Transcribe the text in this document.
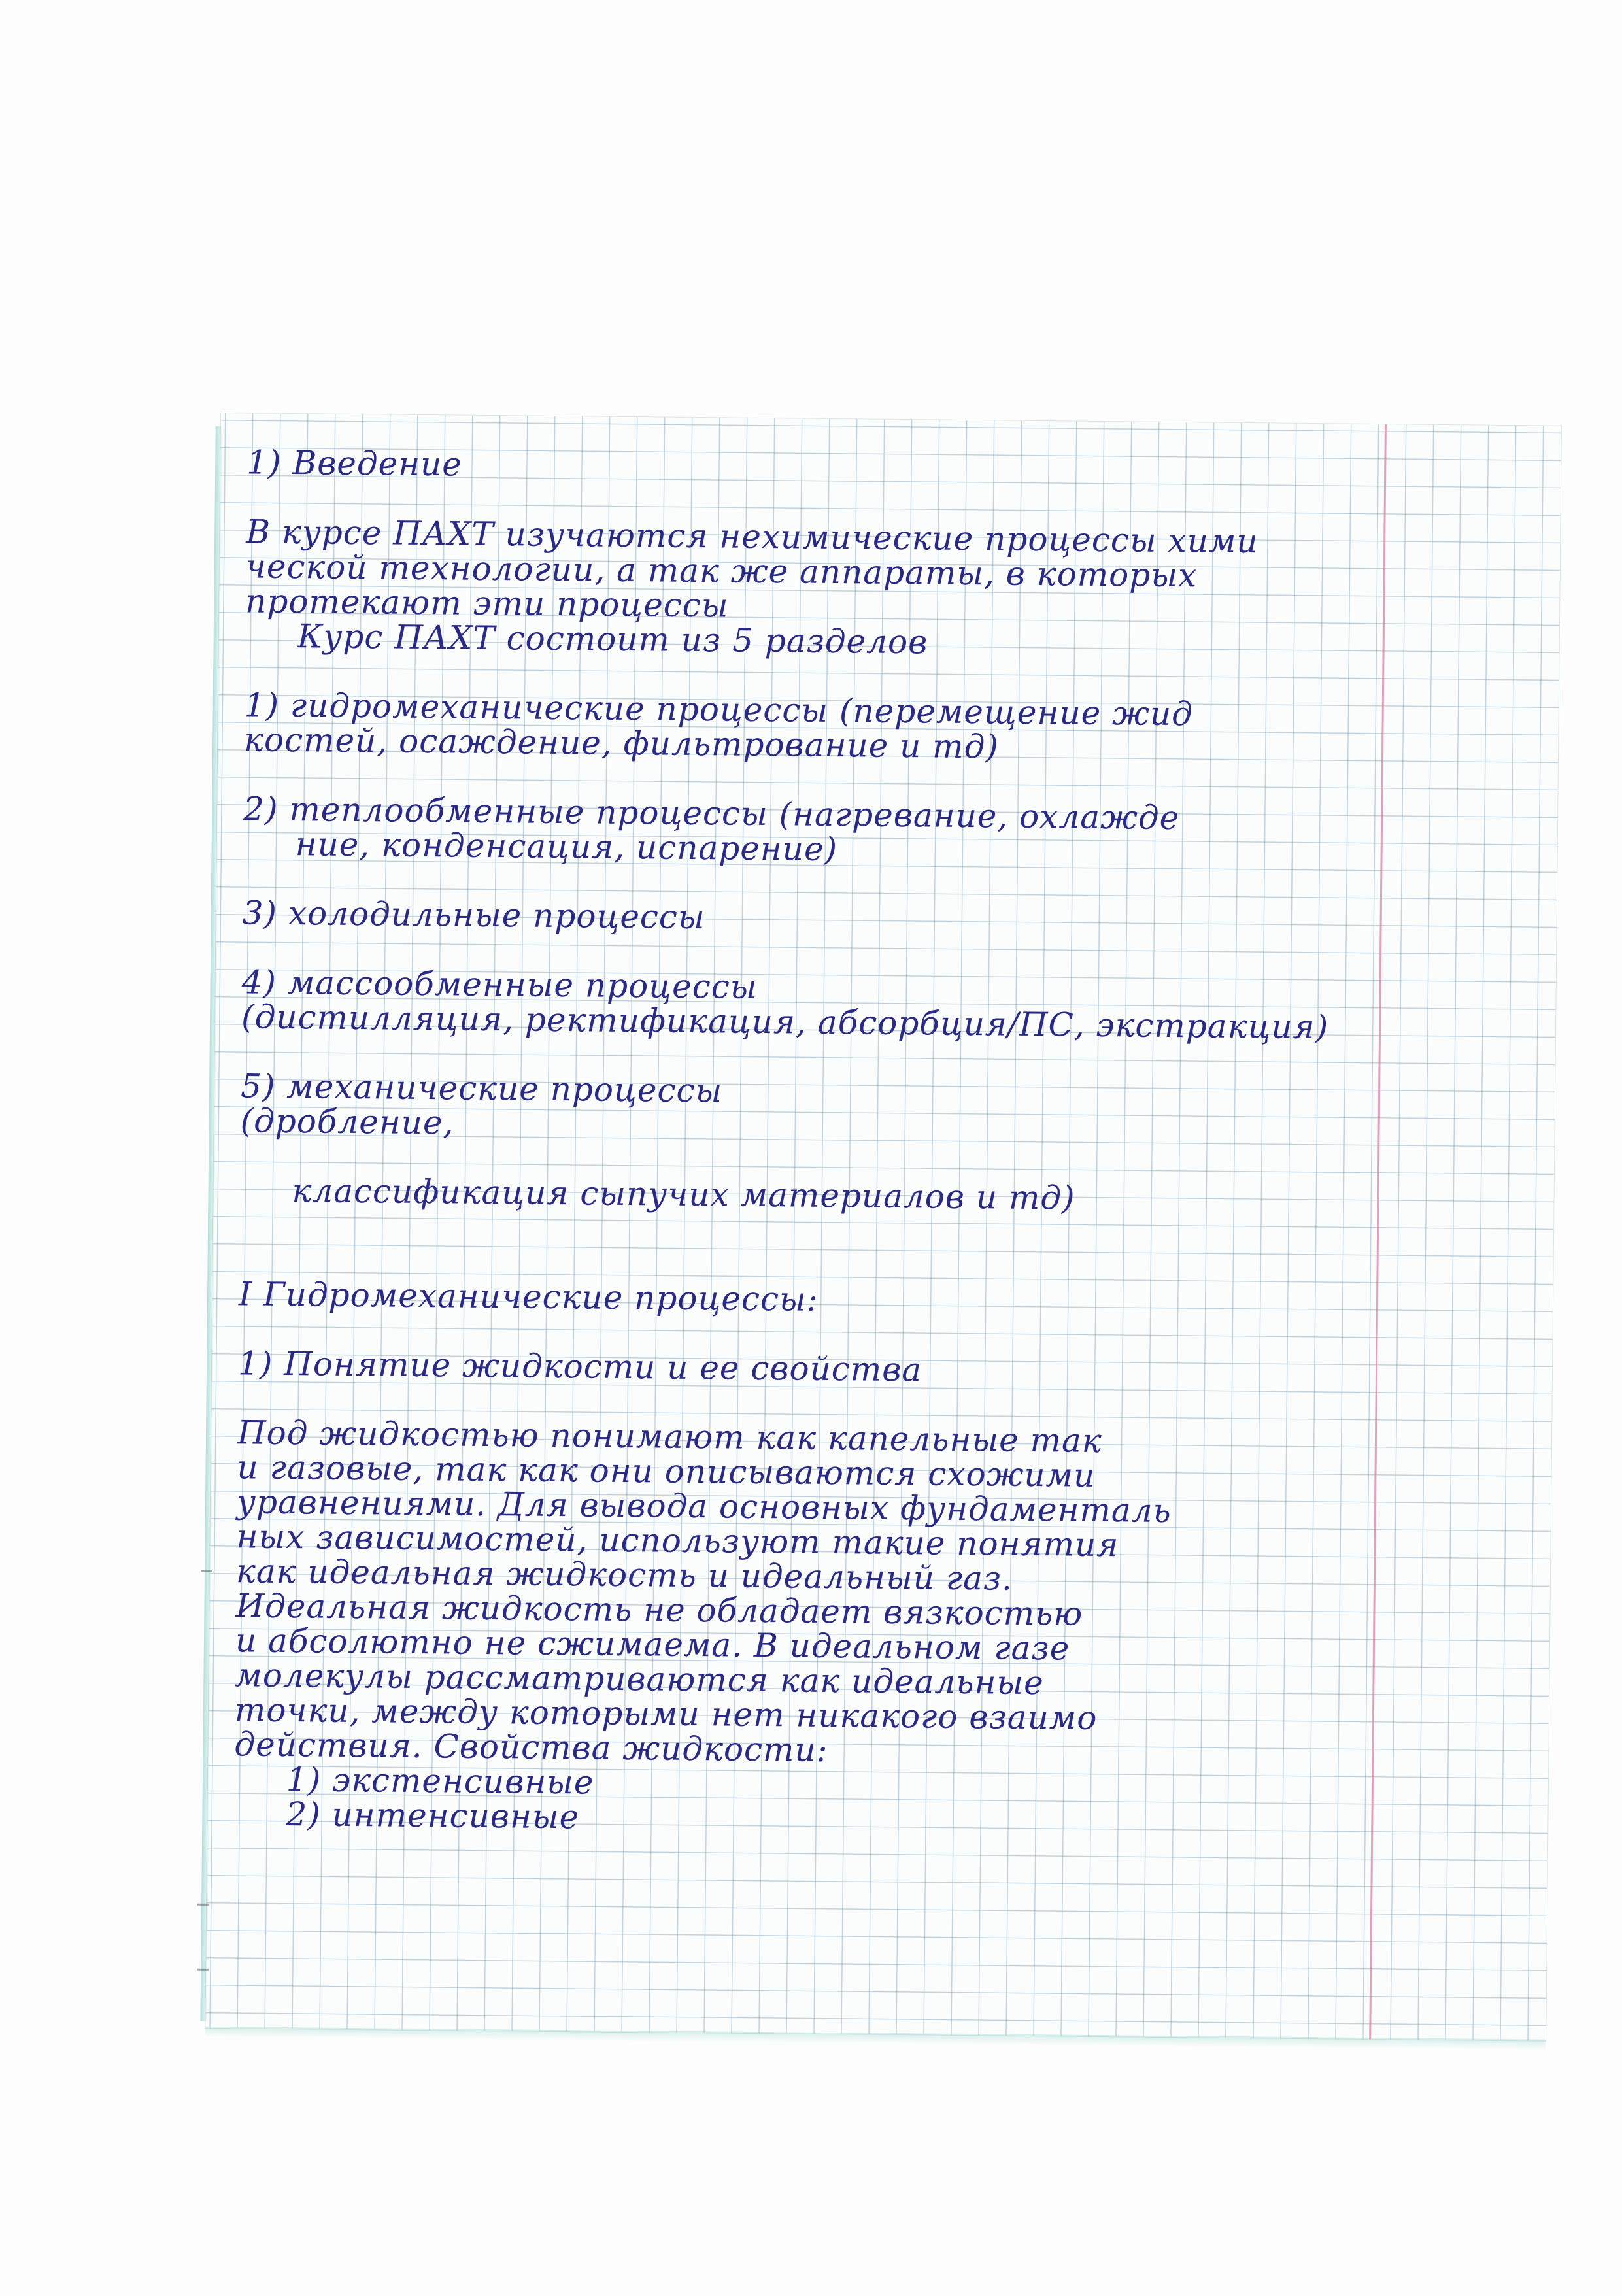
1) Введение
В курсе ПАХТ изучаются нехимические процессы хими
ческой технологии, а так же аппараты, в которых
протекают эти процессы
Курс ПАХТ состоит из 5 разделов
1) гидромеханические процессы (перемещение жид
костей, осаждение, фильтрование и тд)
2) теплообменные процессы (нагревание, охлажде
ние, конденсация, испарение)
3) холодильные процессы
4) массообменные процессы
(дистилляция, ректификация, абсорбция/ПС, экстракция)
5) механические процессы
(дробление,
классификация сыпучих материалов и тд)
I Гидромеханические процессы:
1) Понятие жидкости и ее свойства
Под жидкостью понимают как капельные так
и газовые, так как они описываются схожими
уравнениями. Для вывода основных фундаменталь
ных зависимостей, используют такие понятия
как идеальная жидкость и идеальный газ.
Идеальная жидкость не обладает вязкостью
и абсолютно не сжимаема. В идеальном газе
молекулы рассматриваются как идеальные
точки, между которыми нет никакого взаимо
действия. Свойства жидкости:
1) экстенсивные
2) интенсивные
